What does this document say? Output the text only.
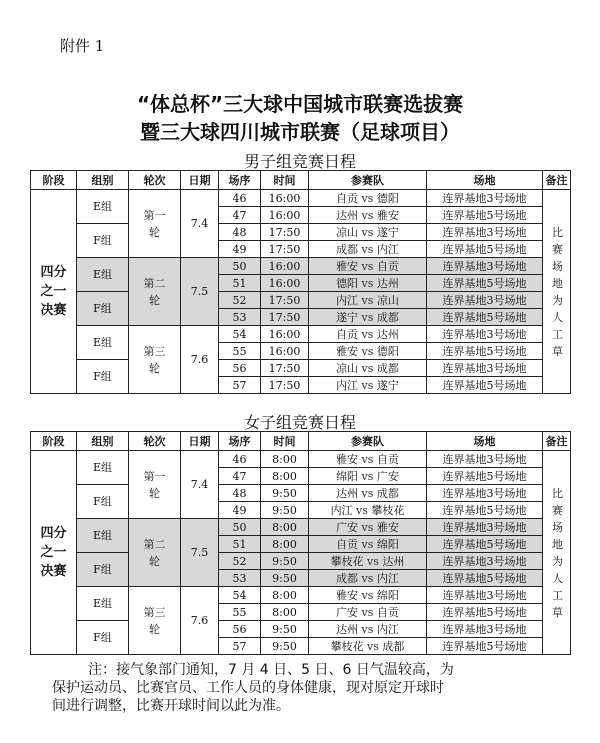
附件 1
“体总杯”三大球中国城市联赛选拔赛
暨三大球四川城市联赛（足球项目）
男子组竞赛日程
阶段	组别	轮次	日期	场序	时间	参赛队	场地	备注
四分之一决赛	E组	第一轮	7.4	46	16:00	自贡 vs 德阳	连界基地3号场地	比赛场地为人工草
				47	16:00	达州 vs 雅安	连界基地5号场地	
	F组			48	17:50	凉山 vs 遂宁	连界基地3号场地	
				49	17:50	成都 vs 内江	连界基地5号场地	
	E组	第二轮	7.5	50	16:00	雅安 vs 自贡	连界基地3号场地	
				51	16:00	德阳 vs 达州	连界基地5号场地	
	F组			52	17:50	内江 vs 凉山	连界基地3号场地	
				53	17:50	遂宁 vs 成都	连界基地5号场地	
	E组	第三轮	7.6	54	16:00	自贡 vs 达州	连界基地3号场地	
				55	16:00	雅安 vs 德阳	连界基地5号场地	
	F组			56	17:50	凉山 vs 成都	连界基地3号场地	
				57	17:50	内江 vs 遂宁	连界基地5号场地	
女子组竞赛日程
阶段	组别	轮次	日期	场序	时间	参赛队	场地	备注
四分之一决赛	E组	第一轮	7.4	46	8:00	雅安 vs 自贡	连界基地3号场地	比赛场地为人工草
				47	8:00	绵阳 vs 广安	连界基地5号场地	
	F组			48	9:50	达州 vs 成都	连界基地3号场地	
				49	9:50	内江 vs 攀枝花	连界基地5号场地	
	E组	第二轮	7.5	50	8:00	广安 vs 雅安	连界基地3号场地	
				51	8:00	自贡 vs 绵阳	连界基地5号场地	
	F组			52	9:50	攀枝花 vs 达州	连界基地3号场地	
				53	9:50	成都 vs 内江	连界基地5号场地	
	E组	第三轮	7.6	54	8:00	雅安 vs 绵阳	连界基地3号场地	
				55	8:00	广安 vs 自贡	连界基地5号场地	
	F组			56	9:50	达州 vs 内江	连界基地3号场地	
				57	9:50	攀枝花 vs 成都	连界基地5号场地	

注：接气象部门通知，7 月 4 日、5 日、6 日气温较高，为

保护运动员、比赛官员、工作人员的身体健康，现对原定开球时

间进行调整，比赛开球时间以此为准。
